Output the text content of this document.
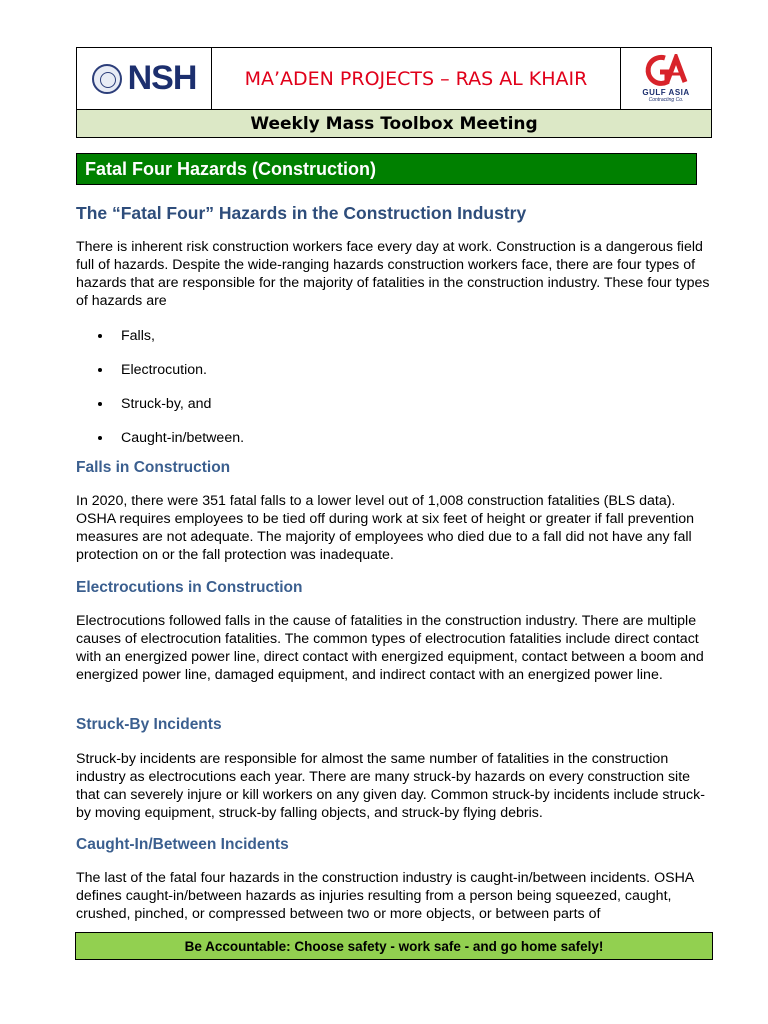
NSH	MA’ADEN PROJECTS – RAS AL KHAIR
GULF ASIA
Contracting Co.
Weekly Mass Toolbox Meeting
Fatal Four Hazards (Construction)
The “Fatal Four” Hazards in the Construction Industry

There is inherent risk construction workers face every day at work. Construction is a dangerous field full of hazards. Despite the wide-ranging hazards construction workers face, there are four types of hazards that are responsible for the majority of fatalities in the construction industry. These four types of hazards are

Falls,
Electrocution.
Struck-by, and
Caught-in/between.
Falls in Construction

In 2020, there were 351 fatal falls to a lower level out of 1,008 construction fatalities (BLS data). OSHA requires employees to be tied off during work at six feet of height or greater if fall prevention measures are not adequate. The majority of employees who died due to a fall did not have any fall protection on or the fall protection was inadequate.

Electrocutions in Construction

Electrocutions followed falls in the cause of fatalities in the construction industry. There are multiple causes of electrocution fatalities. The common types of electrocution fatalities include direct contact with an energized power line, direct contact with energized equipment, contact between a boom and energized power line, damaged equipment, and indirect contact with an energized power line.

Struck-By Incidents

Struck-by incidents are responsible for almost the same number of fatalities in the construction industry as electrocutions each year. There are many struck-by hazards on every construction site that can severely injure or kill workers on any given day. Common struck-by incidents include struck-by moving equipment, struck-by falling objects, and struck-by flying debris.

Caught-In/Between Incidents

The last of the fatal four hazards in the construction industry is caught-in/between incidents. OSHA defines caught-in/between hazards as injuries resulting from a person being squeezed, caught, crushed, pinched, or compressed between two or more objects, or between parts of

Be Accountable: Choose safety - work safe - and go home safely!
